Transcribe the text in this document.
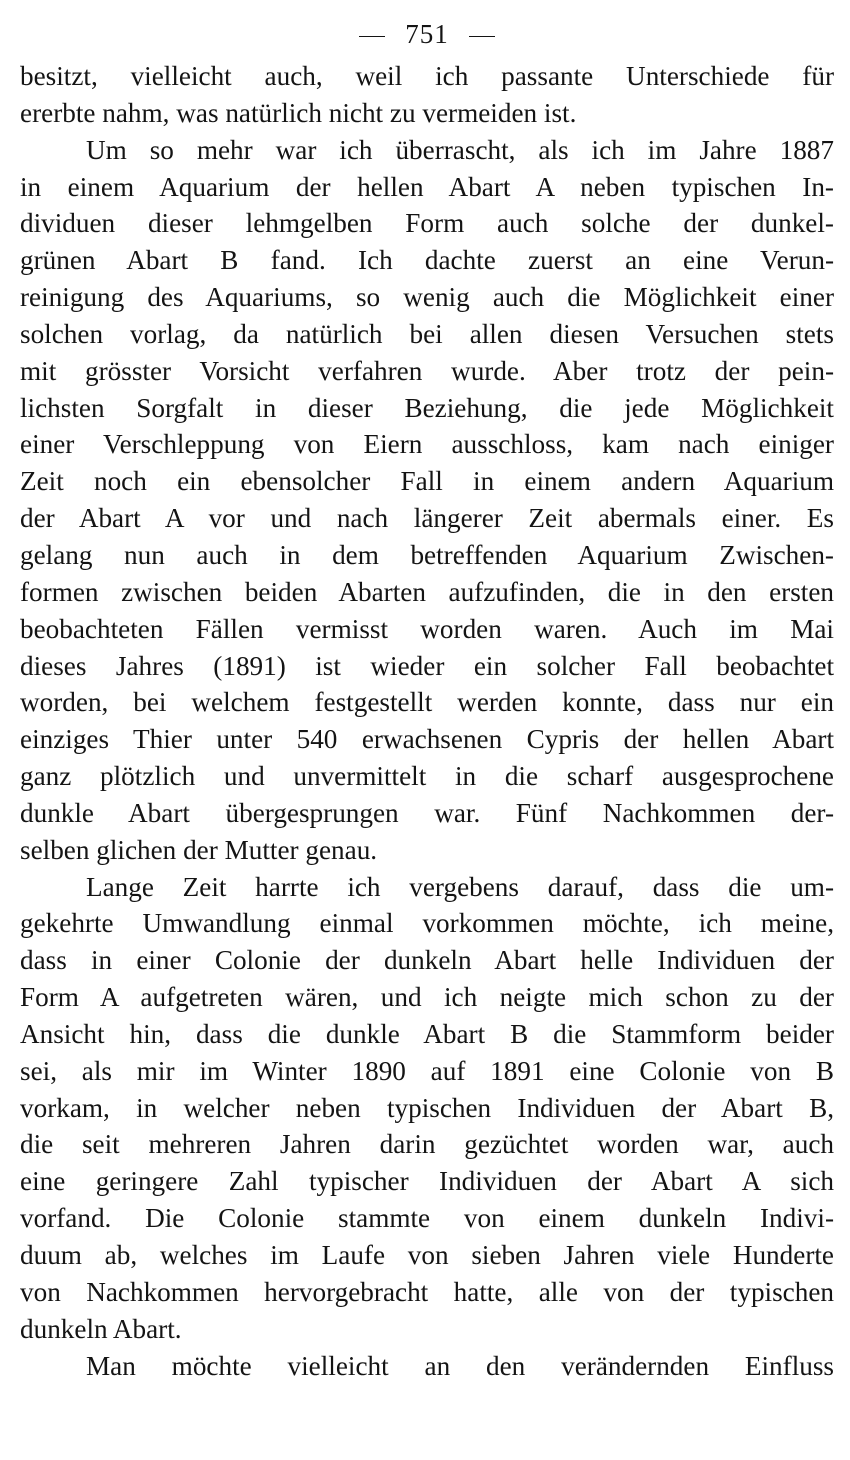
751
besitzt, vielleicht auch, weil ich passante Unterschiede für
ererbte nahm, was natürlich nicht zu vermeiden ist.
Um so mehr war ich überrascht, als ich im Jahre 1887
in einem Aquarium der hellen Abart A neben typischen In-
dividuen dieser lehmgelben Form auch solche der dunkel-
grünen Abart B fand. Ich dachte zuerst an eine Verun-
reinigung des Aquariums, so wenig auch die Möglichkeit einer
solchen vorlag, da natürlich bei allen diesen Versuchen stets
mit grösster Vorsicht verfahren wurde. Aber trotz der pein-
lichsten Sorgfalt in dieser Beziehung, die jede Möglichkeit
einer Verschleppung von Eiern ausschloss, kam nach einiger
Zeit noch ein ebensolcher Fall in einem andern Aquarium
der Abart A vor und nach längerer Zeit abermals einer. Es
gelang nun auch in dem betreffenden Aquarium Zwischen-
formen zwischen beiden Abarten aufzufinden, die in den ersten
beobachteten Fällen vermisst worden waren. Auch im Mai
dieses Jahres (1891) ist wieder ein solcher Fall beobachtet
worden, bei welchem festgestellt werden konnte, dass nur ein
einziges Thier unter 540 erwachsenen Cypris der hellen Abart
ganz plötzlich und unvermittelt in die scharf ausgesprochene
dunkle Abart übergesprungen war. Fünf Nachkommen der-
selben glichen der Mutter genau.
Lange Zeit harrte ich vergebens darauf, dass die um-
gekehrte Umwandlung einmal vorkommen möchte, ich meine,
dass in einer Colonie der dunkeln Abart helle Individuen der
Form A aufgetreten wären, und ich neigte mich schon zu der
Ansicht hin, dass die dunkle Abart B die Stammform beider
sei, als mir im Winter 1890 auf 1891 eine Colonie von B
vorkam, in welcher neben typischen Individuen der Abart B,
die seit mehreren Jahren darin gezüchtet worden war, auch
eine geringere Zahl typischer Individuen der Abart A sich
vorfand. Die Colonie stammte von einem dunkeln Indivi-
duum ab, welches im Laufe von sieben Jahren viele Hunderte
von Nachkommen hervorgebracht hatte, alle von der typischen
dunkeln Abart.
Man möchte vielleicht an den verändernden Einfluss
